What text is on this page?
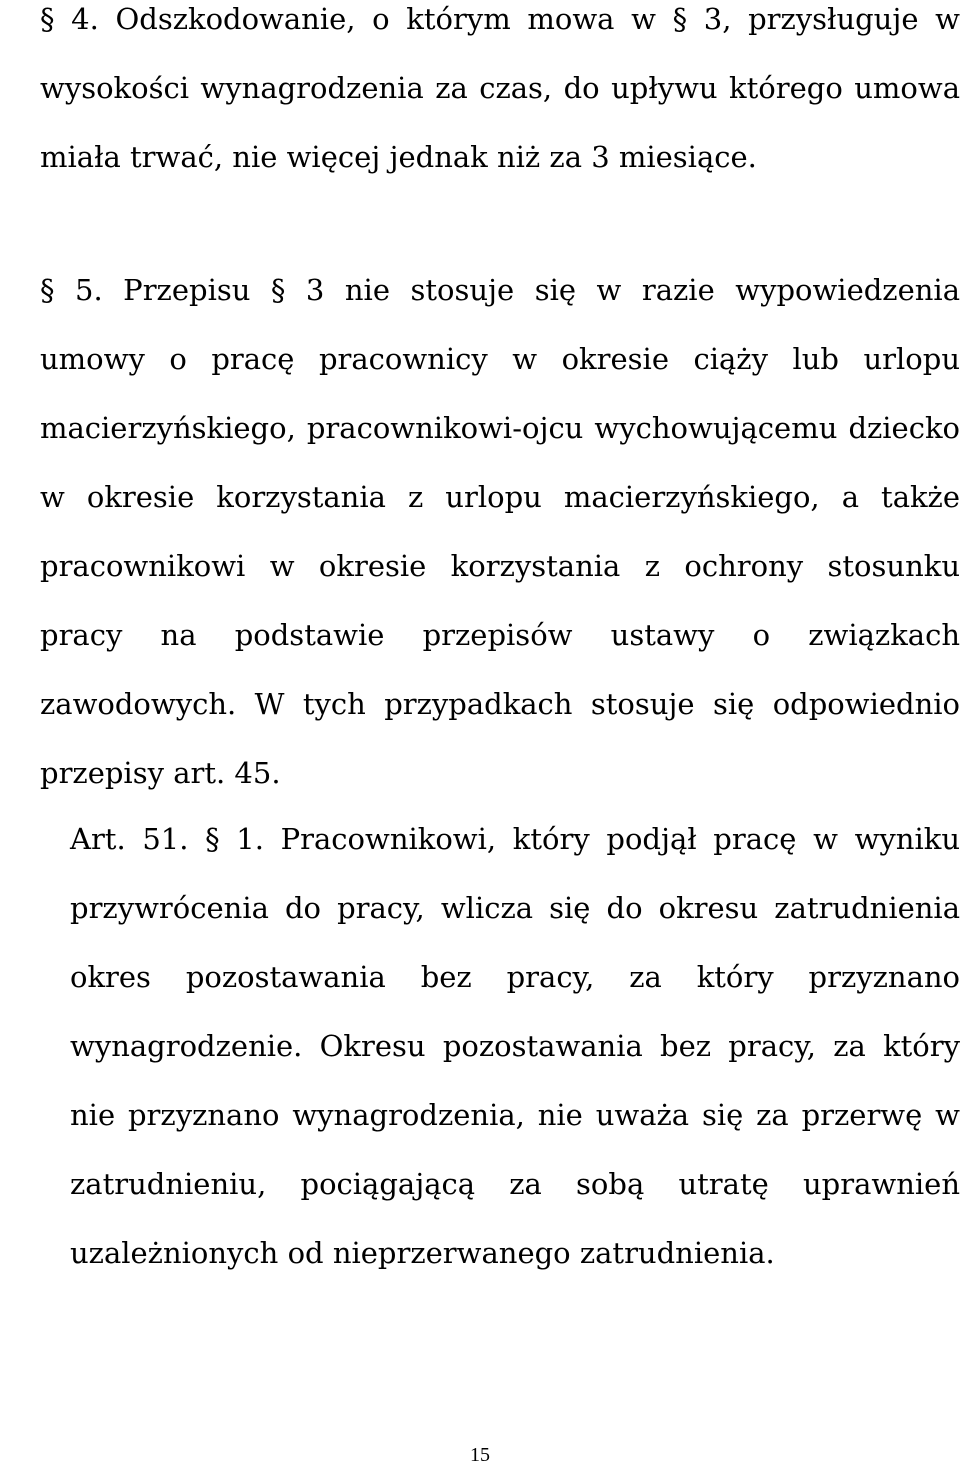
§ 4. Odszkodowanie, o którym mowa w § 3, przysługuje w wysokości wynagrodzenia za czas, do upływu którego umowa miała trwać, nie więcej jednak niż za 3 miesiące.

§ 5. Przepisu § 3 nie stosuje się w razie wypowiedzenia umowy o pracę pracownicy w okresie ciąży lub urlopu macierzyńskiego, pracownikowi-ojcu wychowującemu dziecko w okresie korzystania z urlopu macierzyńskiego, a także pracownikowi w okresie korzystania z ochrony stosunku pracy na podstawie przepisów ustawy o związkach zawodowych. W tych przypadkach stosuje się odpowiednio przepisy art. 45.

Art. 51. § 1. Pracownikowi, który podjął pracę w wyniku przywrócenia do pracy, wlicza się do okresu zatrudnienia okres pozostawania bez pracy, za który przyznano wynagrodzenie. Okresu pozostawania bez pracy, za który nie przyznano wynagrodzenia, nie uważa się za przerwę w zatrudnieniu, pociągającą za sobą utratę uprawnień uzależnionych od nieprzerwanego zatrudnienia.

15
